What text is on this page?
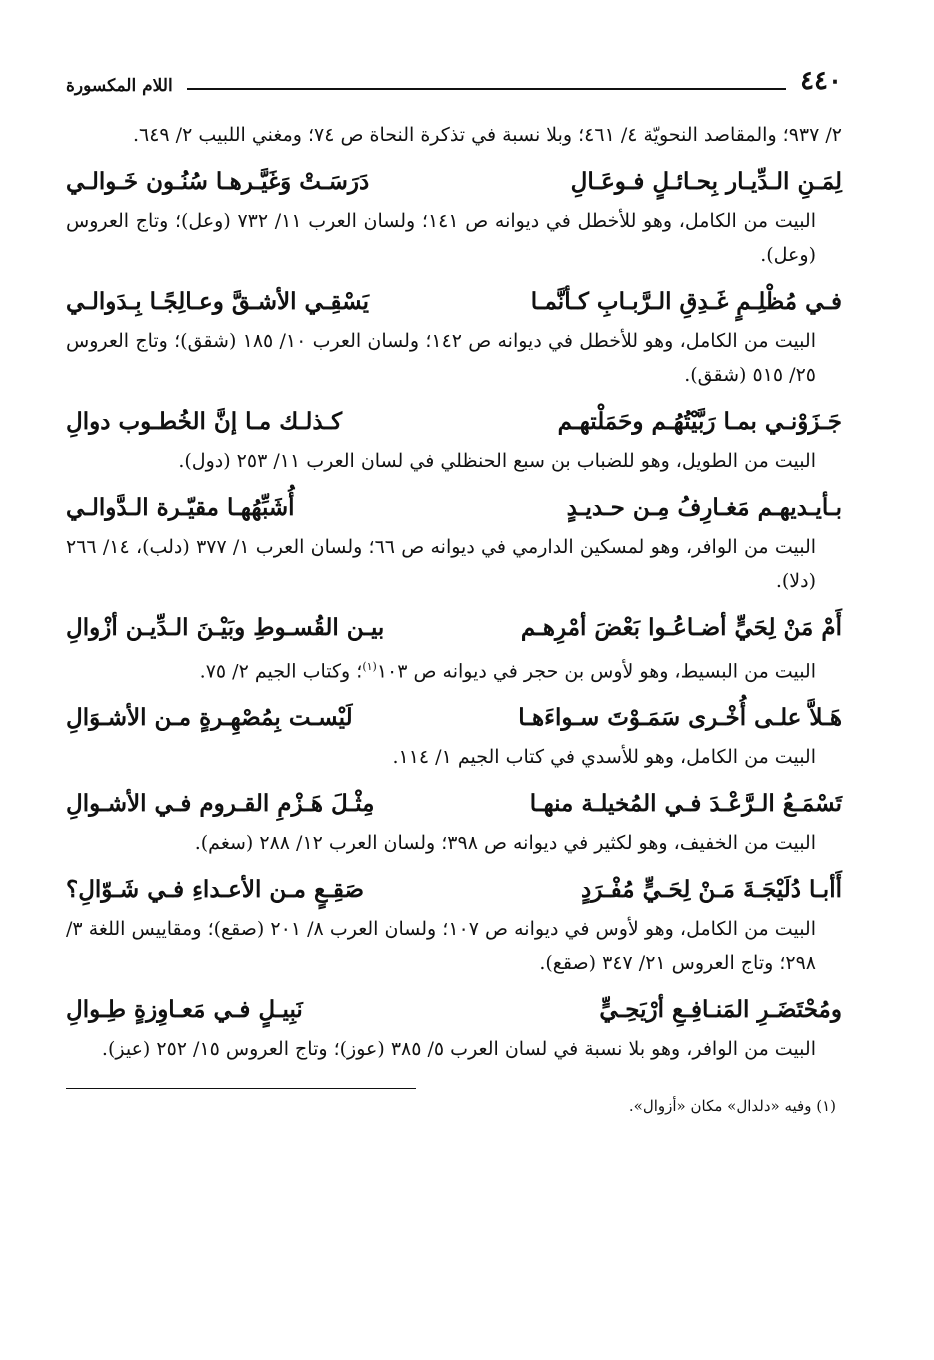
٤٤٠
اللام المكسورة
٢/ ٩٣٧؛ والمقاصد النحويّة ٤/ ٤٦١؛ وبلا نسبة في تذكرة النحاة ص ٧٤؛ ومغني اللبيب ٢/ ٦٤٩.
لِمَـنِ الـدِّيـار بِحـائـلٍ فـوعَـالِ
دَرَسَـتْ وَغَيَّـرهـا سُنُـون خَـوالـي
البيت من الكامل، وهو للأخطل في ديوانه ص ١٤١؛ ولسان العرب ١١/ ٧٣٢ (وعل)؛ وتاج العروس (وعل).
فـي مُظْلِـمٍ غَـدِقِ الـرَّبـابِ كـأنَّمـا
يَسْقِـي الأشـقَّ وعـالِجًـا بِـدَوالـي
البيت من الكامل، وهو للأخطل في ديوانه ص ١٤٢؛ ولسان العرب ١٠/ ١٨٥ (شقق)؛ وتاج العروس ٢٥/ ٥١٥ (شقق).
جَـزَوْنـي بمـا رَبَّيْتُهُـم وحَمَلْتهـم
كـذلـك مـا إنَّ الخُطـوب دوالِ
البيت من الطويل، وهو للضباب بن سبع الحنظلي في لسان العرب ١١/ ٢٥٣ (دول).
بـأيـديهـم مَغـارِفُ مِـن حـديـدٍ
أُشَبِّهُهـا مقيّـرة الـدَّوالـي
البيت من الوافر، وهو لمسكين الدارمي في ديوانه ص ٦٦؛ ولسان العرب ١/ ٣٧٧ (دلب)، ١٤/ ٢٦٦ (دلا).
أَمْ مَنْ لِحَيٍّ أضـاعُـوا بَعْضَ أمْرِهـم
بيـن القُسـوطِ وبَيْـنَ الـدِّيـن أزْوالِ
البيت من البسيط، وهو لأوس بن حجر في ديوانه ص ١٠٣$^{(١)}$؛ وكتاب الجيم ٢/ ٧٥.
هَـلاَّ علـى أُخْـرى سَمَـوْتَ سـواءَهـا
لَيْسـت بِمُصْهِـرةٍ مـن الأشـوَالِ
البيت من الكامل، وهو للأسدي في كتاب الجيم ١/ ١١٤.
تَسْمَـعُ الـرَّعْـدَ فـي المُخيلـة منهـا
مِثْـلَ هَـزْمِ القـروم فـي الأشـوالِ
البيت من الخفيف، وهو لكثير في ديوانه ص ٣٩٨؛ ولسان العرب ١٢/ ٢٨٨ (سغم).
أَأبـا دُلَيْجَـةَ مَـنْ لِحَـيٍّ مُفْـرَدٍ
صَقِـعٍ مـن الأعـداءِ فـي شَـوّالِ؟
البيت من الكامل، وهو لأوس في ديوانه ص ١٠٧؛ ولسان العرب ٨/ ٢٠١ (صقع)؛ ومقاييس اللغة ٣/ ٢٩٨؛ وتاج العروس ٢١/ ٣٤٧ (صقع).
ومُحْتَضَـرِ المَنـافِـعِ أرْيَحِـيٍّ
نَبِيـلٍ فـي مَعـاوِزةٍ طِـوالِ
البيت من الوافر، وهو بلا نسبة في لسان العرب ٥/ ٣٨٥ (عوز)؛ وتاج العروس ١٥/ ٢٥٢ (عيز).
(١) وفيه «دلدال» مكان «أزوال».
